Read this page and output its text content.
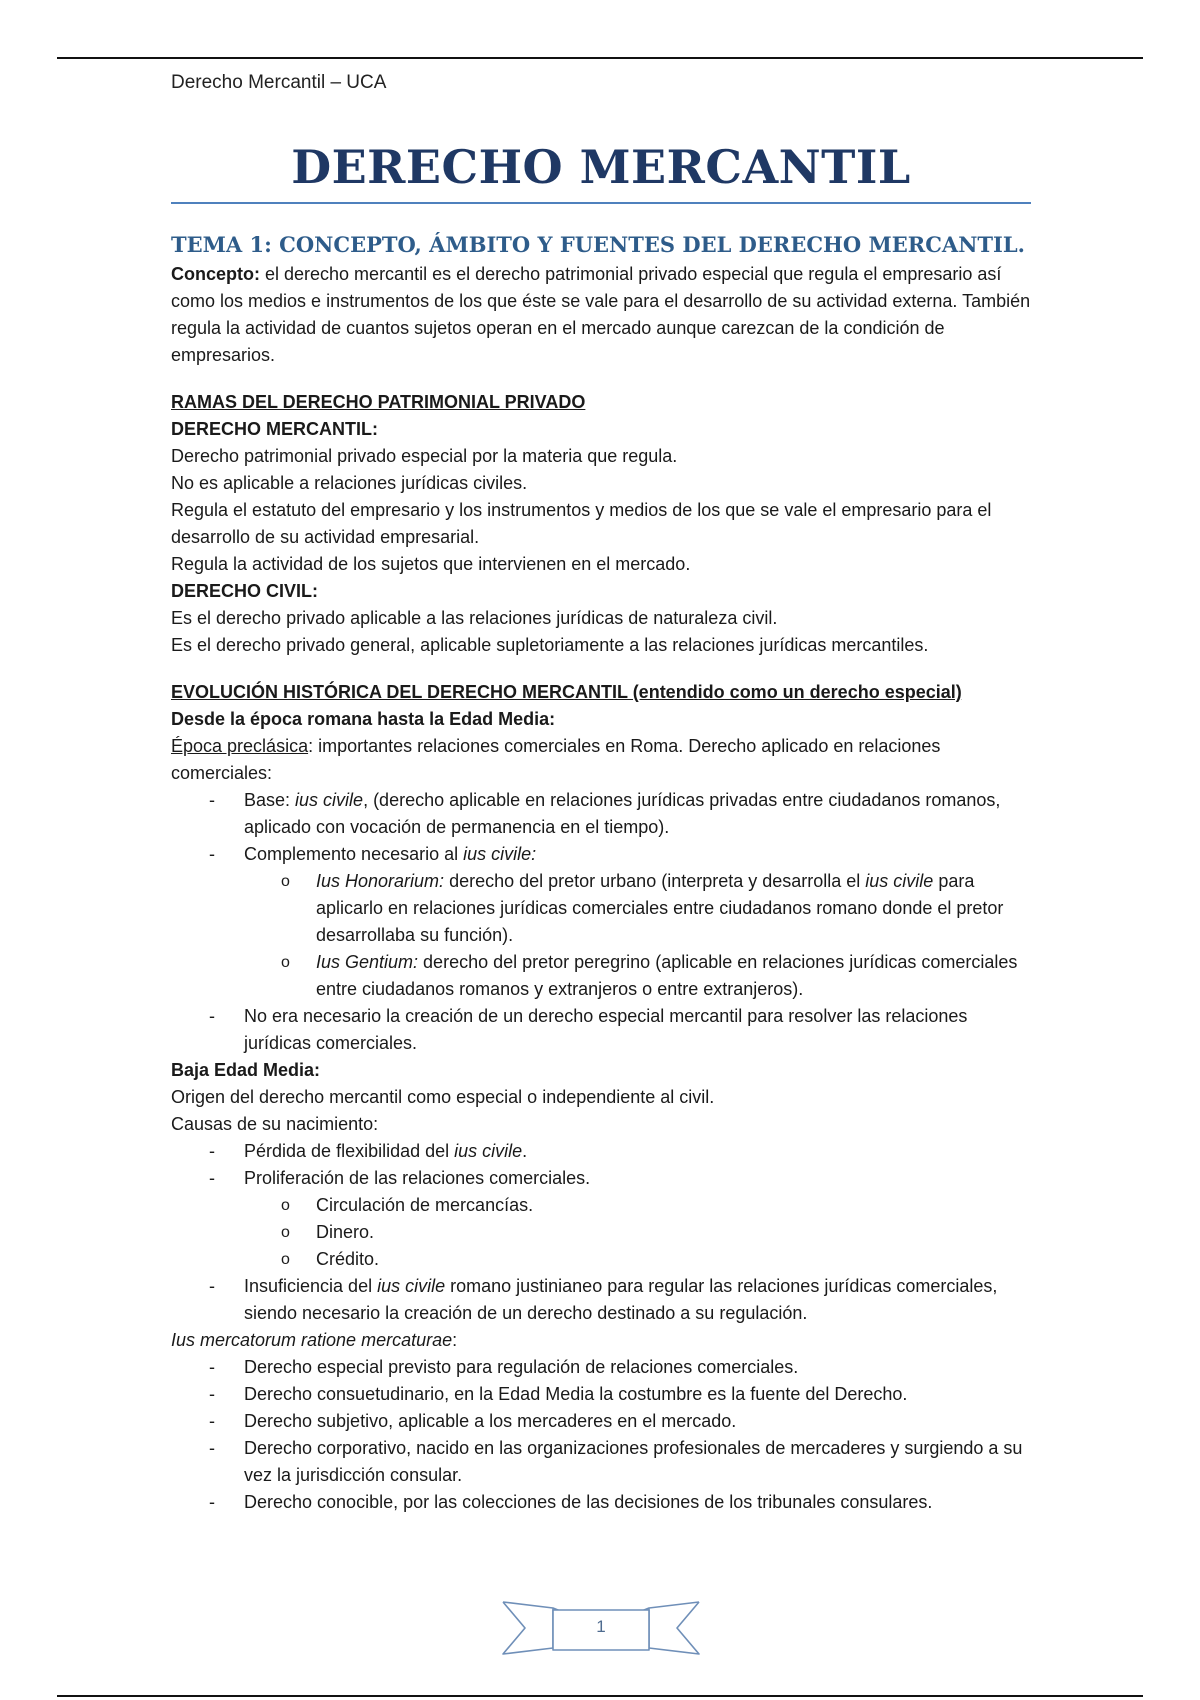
Derecho Mercantil – UCA
DERECHO MERCANTIL
TEMA 1: CONCEPTO, ÁMBITO Y FUENTES DEL DERECHO MERCANTIL.

Concepto: el derecho mercantil es el derecho patrimonial privado especial que regula el empresario así como los medios e instrumentos de los que éste se vale para el desarrollo de su actividad externa. También regula la actividad de cuantos sujetos operan en el mercado aunque carezcan de la condición de empresarios.

RAMAS DEL DERECHO PATRIMONIAL PRIVADO

DERECHO MERCANTIL:

Derecho patrimonial privado especial por la materia que regula.

No es aplicable a relaciones jurídicas civiles.

Regula el estatuto del empresario y los instrumentos y medios de los que se vale el empresario para el desarrollo de su actividad empresarial.

Regula la actividad de los sujetos que intervienen en el mercado.

DERECHO CIVIL:

Es el derecho privado aplicable a las relaciones jurídicas de naturaleza civil.

Es el derecho privado general, aplicable supletoriamente a las relaciones jurídicas mercantiles.

EVOLUCIÓN HISTÓRICA DEL DERECHO MERCANTIL (entendido como un derecho especial)

Desde la época romana hasta la Edad Media:

Época preclásica: importantes relaciones comerciales en Roma. Derecho aplicado en relaciones comerciales:

- Base: ius civile, (derecho aplicable en relaciones jurídicas privadas entre ciudadanos romanos, aplicado con vocación de permanencia en el tiempo).

- Complemento necesario al ius civile:

o Ius Honorarium: derecho del pretor urbano (interpreta y desarrolla el ius civile para aplicarlo en relaciones jurídicas comerciales entre ciudadanos romano donde el pretor desarrollaba su función).

o Ius Gentium: derecho del pretor peregrino (aplicable en relaciones jurídicas comerciales entre ciudadanos romanos y extranjeros o entre extranjeros).

- No era necesario la creación de un derecho especial mercantil para resolver las relaciones jurídicas comerciales.

Baja Edad Media:

Origen del derecho mercantil como especial o independiente al civil.

Causas de su nacimiento:

- Pérdida de flexibilidad del ius civile.

- Proliferación de las relaciones comerciales.

o Circulación de mercancías.

o Dinero.

o Crédito.

- Insuficiencia del ius civile romano justinianeo para regular las relaciones jurídicas comerciales, siendo necesario la creación de un derecho destinado a su regulación.

Ius mercatorum ratione mercaturae:

- Derecho especial previsto para regulación de relaciones comerciales.

- Derecho consuetudinario, en la Edad Media la costumbre es la fuente del Derecho.

- Derecho subjetivo, aplicable a los mercaderes en el mercado.

- Derecho corporativo, nacido en las organizaciones profesionales de mercaderes y surgiendo a su vez la jurisdicción consular.

- Derecho conocible, por las colecciones de las decisiones de los tribunales consulares.

1
